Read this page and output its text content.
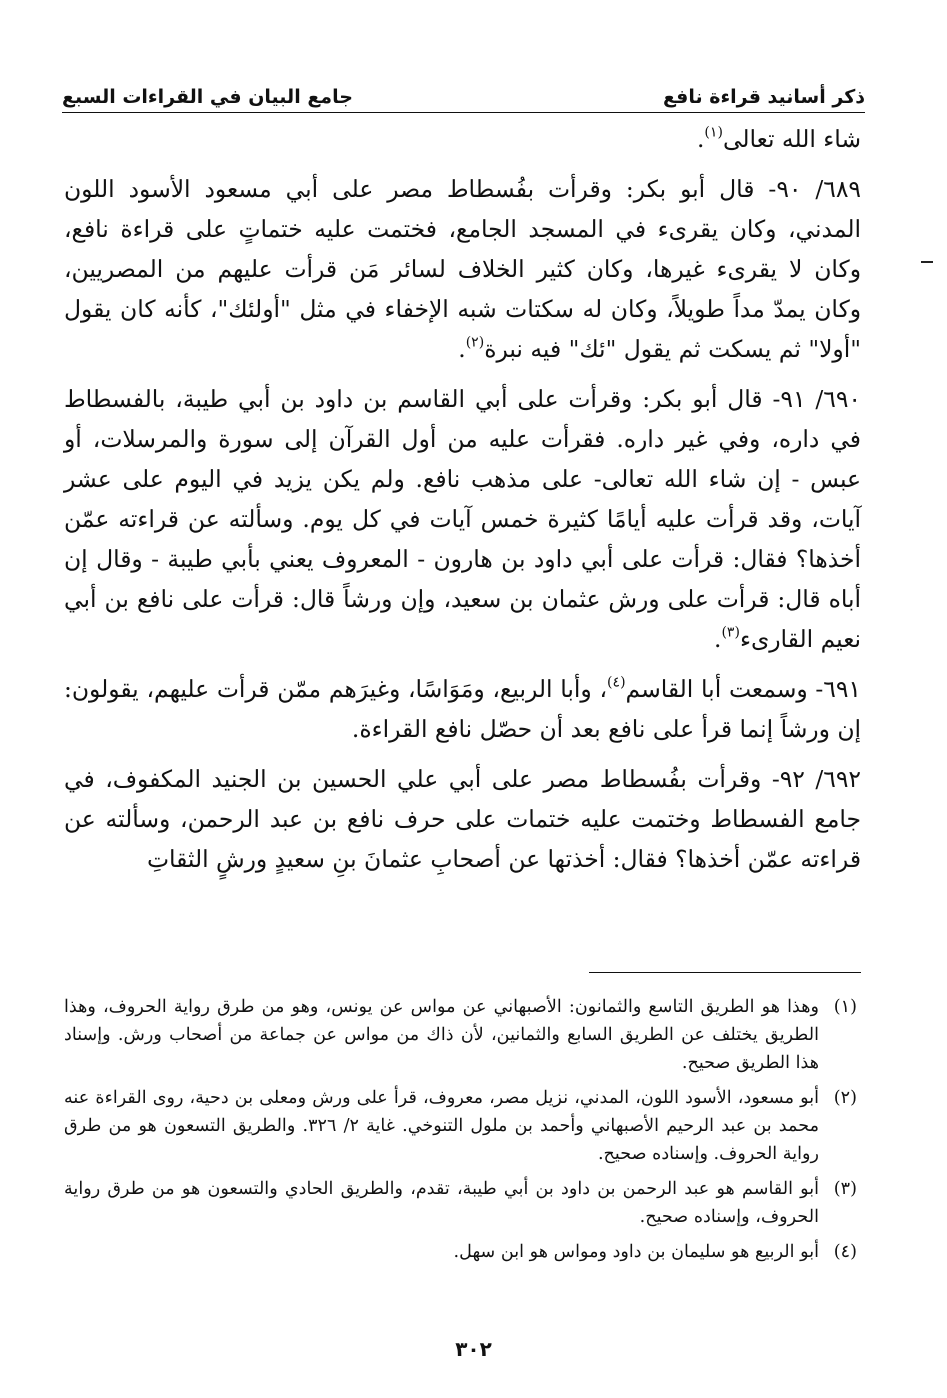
جامع البيان في القراءات السبع	ذكر أسانيد قراءة نافع

شاء الله تعالى$^{(١)}$.

٦٨٩/ ٩٠- قال أبو بكر: وقرأت بفُسطاط مصر على أبي مسعود الأسود اللون المدني، وكان يقرىء في المسجد الجامع، فختمت عليه ختماتٍ على قراءة نافع، وكان لا يقرىء غيرها، وكان كثير الخلاف لسائر مَن قرأت عليهم من المصريين، وكان يمدّ مداً طويلاً، وكان له سكتات شبه الإخفاء في مثل "أولئك"، كأنه كان يقول "أولا" ثم يسكت ثم يقول "ئك" فيه نبرة$^{(٢)}$.

٦٩٠/ ٩١- قال أبو بكر: وقرأت على أبي القاسم بن داود بن أبي طيبة، بالفسطاط في داره، وفي غير داره. فقرأت عليه من أول القرآن إلى سورة والمرسلات، أو عبس - إن شاء الله تعالى- على مذهب نافع. ولم يكن يزيد في اليوم على عشر آيات، وقد قرأت عليه أيامًا كثيرة خمس آيات في كل يوم. وسألته عن قراءته عمّن أخذها؟ فقال: قرأت على أبي داود بن هارون - المعروف يعني بأبي طيبة - وقال إن أباه قال: قرأت على ورش عثمان بن سعيد، وإن ورشاً قال: قرأت على نافع بن أبي نعيم القارىء$^{(٣)}$.

٦٩١- وسمعت أبا القاسم$^{(٤)}$، وأبا الربيع، ومَوَاسًا، وغيرَهم ممّن قرأت عليهم، يقولون: إن ورشاً إنما قرأ على نافع بعد أن حصّل نافع القراءة.

٦٩٢/ ٩٢- وقرأت بفُسطاط مصر على أبي علي الحسين بن الجنيد المكفوف، في جامع الفسطاط وختمت عليه ختمات على حرف نافع بن عبد الرحمن، وسألته عن قراءته عمّن أخذها؟ فقال: أخذتها عن أصحابِ عثمانَ بنِ سعيدٍ ورشٍ الثقاتِ

(١)
وهذا هو الطريق التاسع والثمانون: الأصبهاني عن مواس عن يونس، وهو من طرق رواية الحروف، وهذا الطريق يختلف عن الطريق السابع والثمانين، لأن ذاك من مواس عن جماعة من أصحاب ورش. وإسناد هذا الطريق صحيح.
(٢)
أبو مسعود، الأسود اللون، المدني، نزيل مصر، معروف، قرأ على ورش ومعلى بن دحية، روى القراءة عنه محمد بن عبد الرحيم الأصبهاني وأحمد بن ملول التنوخي. غاية ٢/ ٣٢٦. والطريق التسعون هو من طرق رواية الحروف. وإسناده صحيح.
(٣)
أبو القاسم هو عبد الرحمن بن داود بن أبي طيبة، تقدم، والطريق الحادي والتسعون هو من طرق رواية الحروف، وإسناده صحيح.
(٤)
أبو الربيع هو سليمان بن داود ومواس هو ابن سهل.
٣٠٢
